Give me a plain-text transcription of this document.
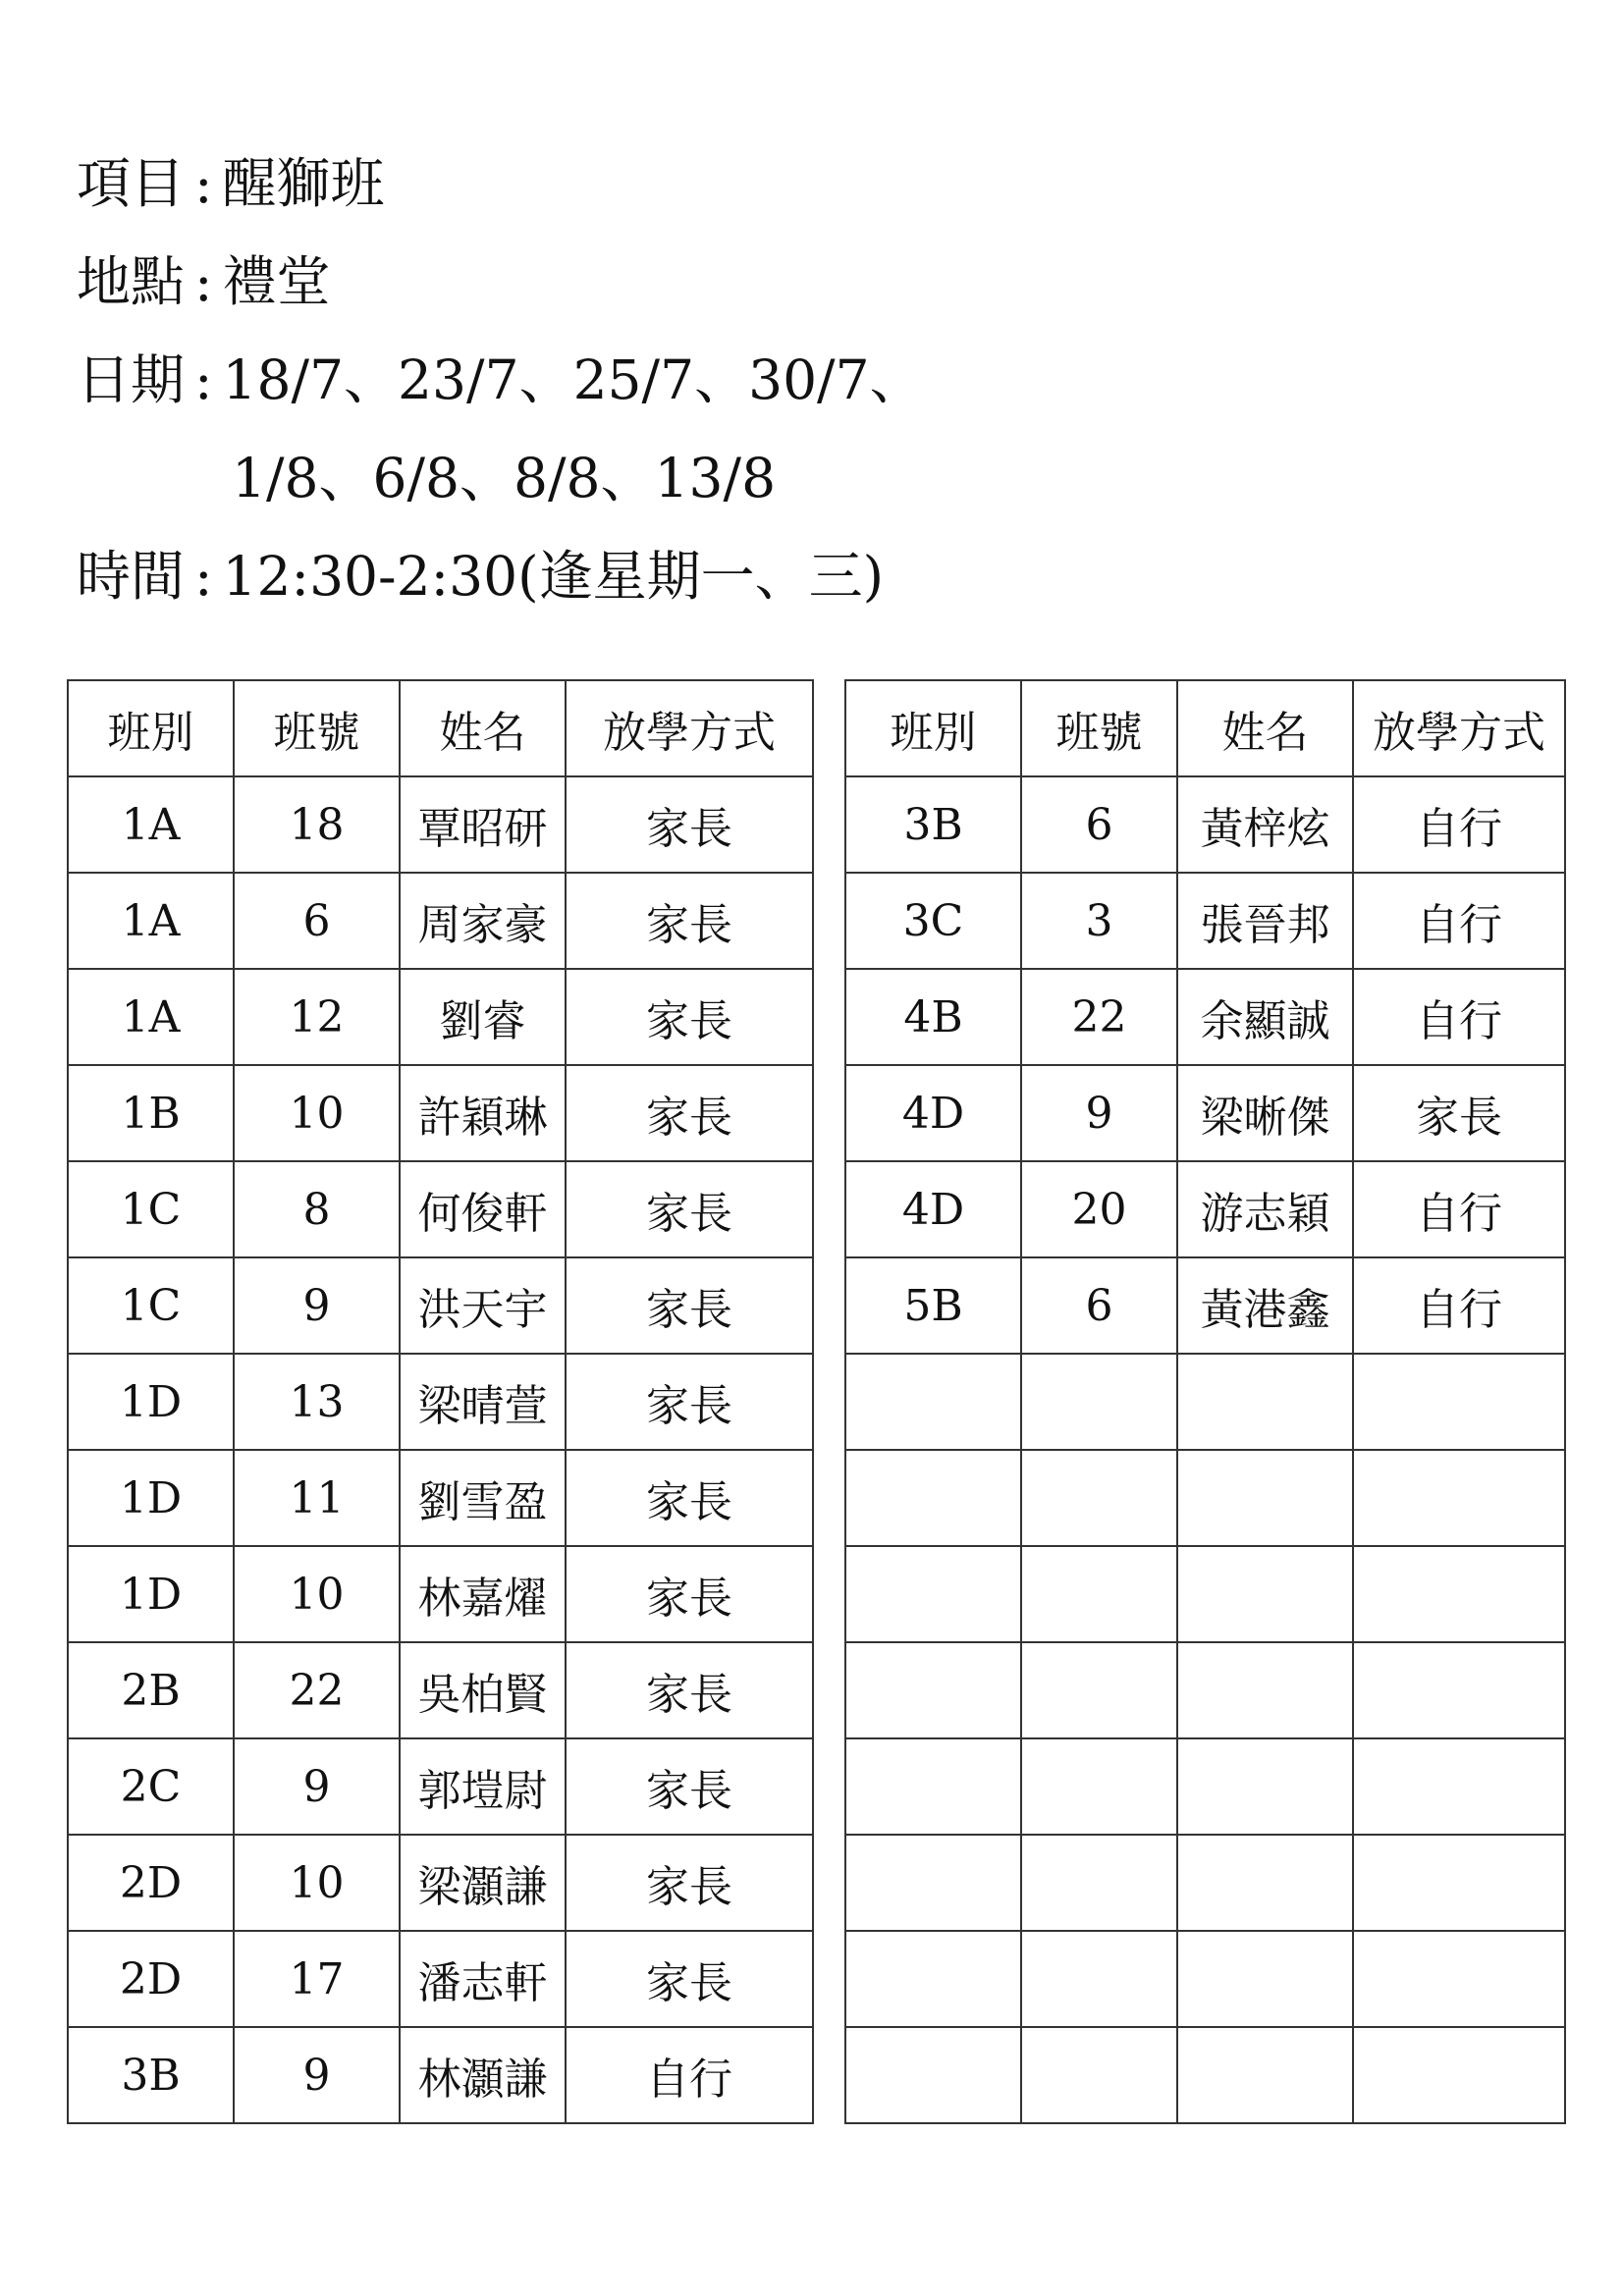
項目 : 醒獅班
地點 : 禮堂
日期 : 18/7、23/7、25/7、30/7、
1/8、6/8、8/8、13/8
時間 : 12:30-2:30(逢星期一、三)
班別	班號	姓名	放學方式
1A	18	覃昭研	家長
1A	6	周家豪	家長
1A	12	劉睿	家長
1B	10	許穎琳	家長
1C	8	何俊軒	家長
1C	9	洪天宇	家長
1D	13	梁晴萱	家長
1D	11	劉雪盈	家長
1D	10	林嘉燿	家長
2B	22	吳柏賢	家長
2C	9	郭塏尉	家長
2D	10	梁灝謙	家長
2D	17	潘志軒	家長
3B	9	林灝謙	自行
班別	班號	姓名	放學方式
3B	6	黃梓炫	自行
3C	3	張晉邦	自行
4B	22	余顯誠	自行
4D	9	梁晰傑	家長
4D	20	游志穎	自行
5B	6	黃港鑫	自行
